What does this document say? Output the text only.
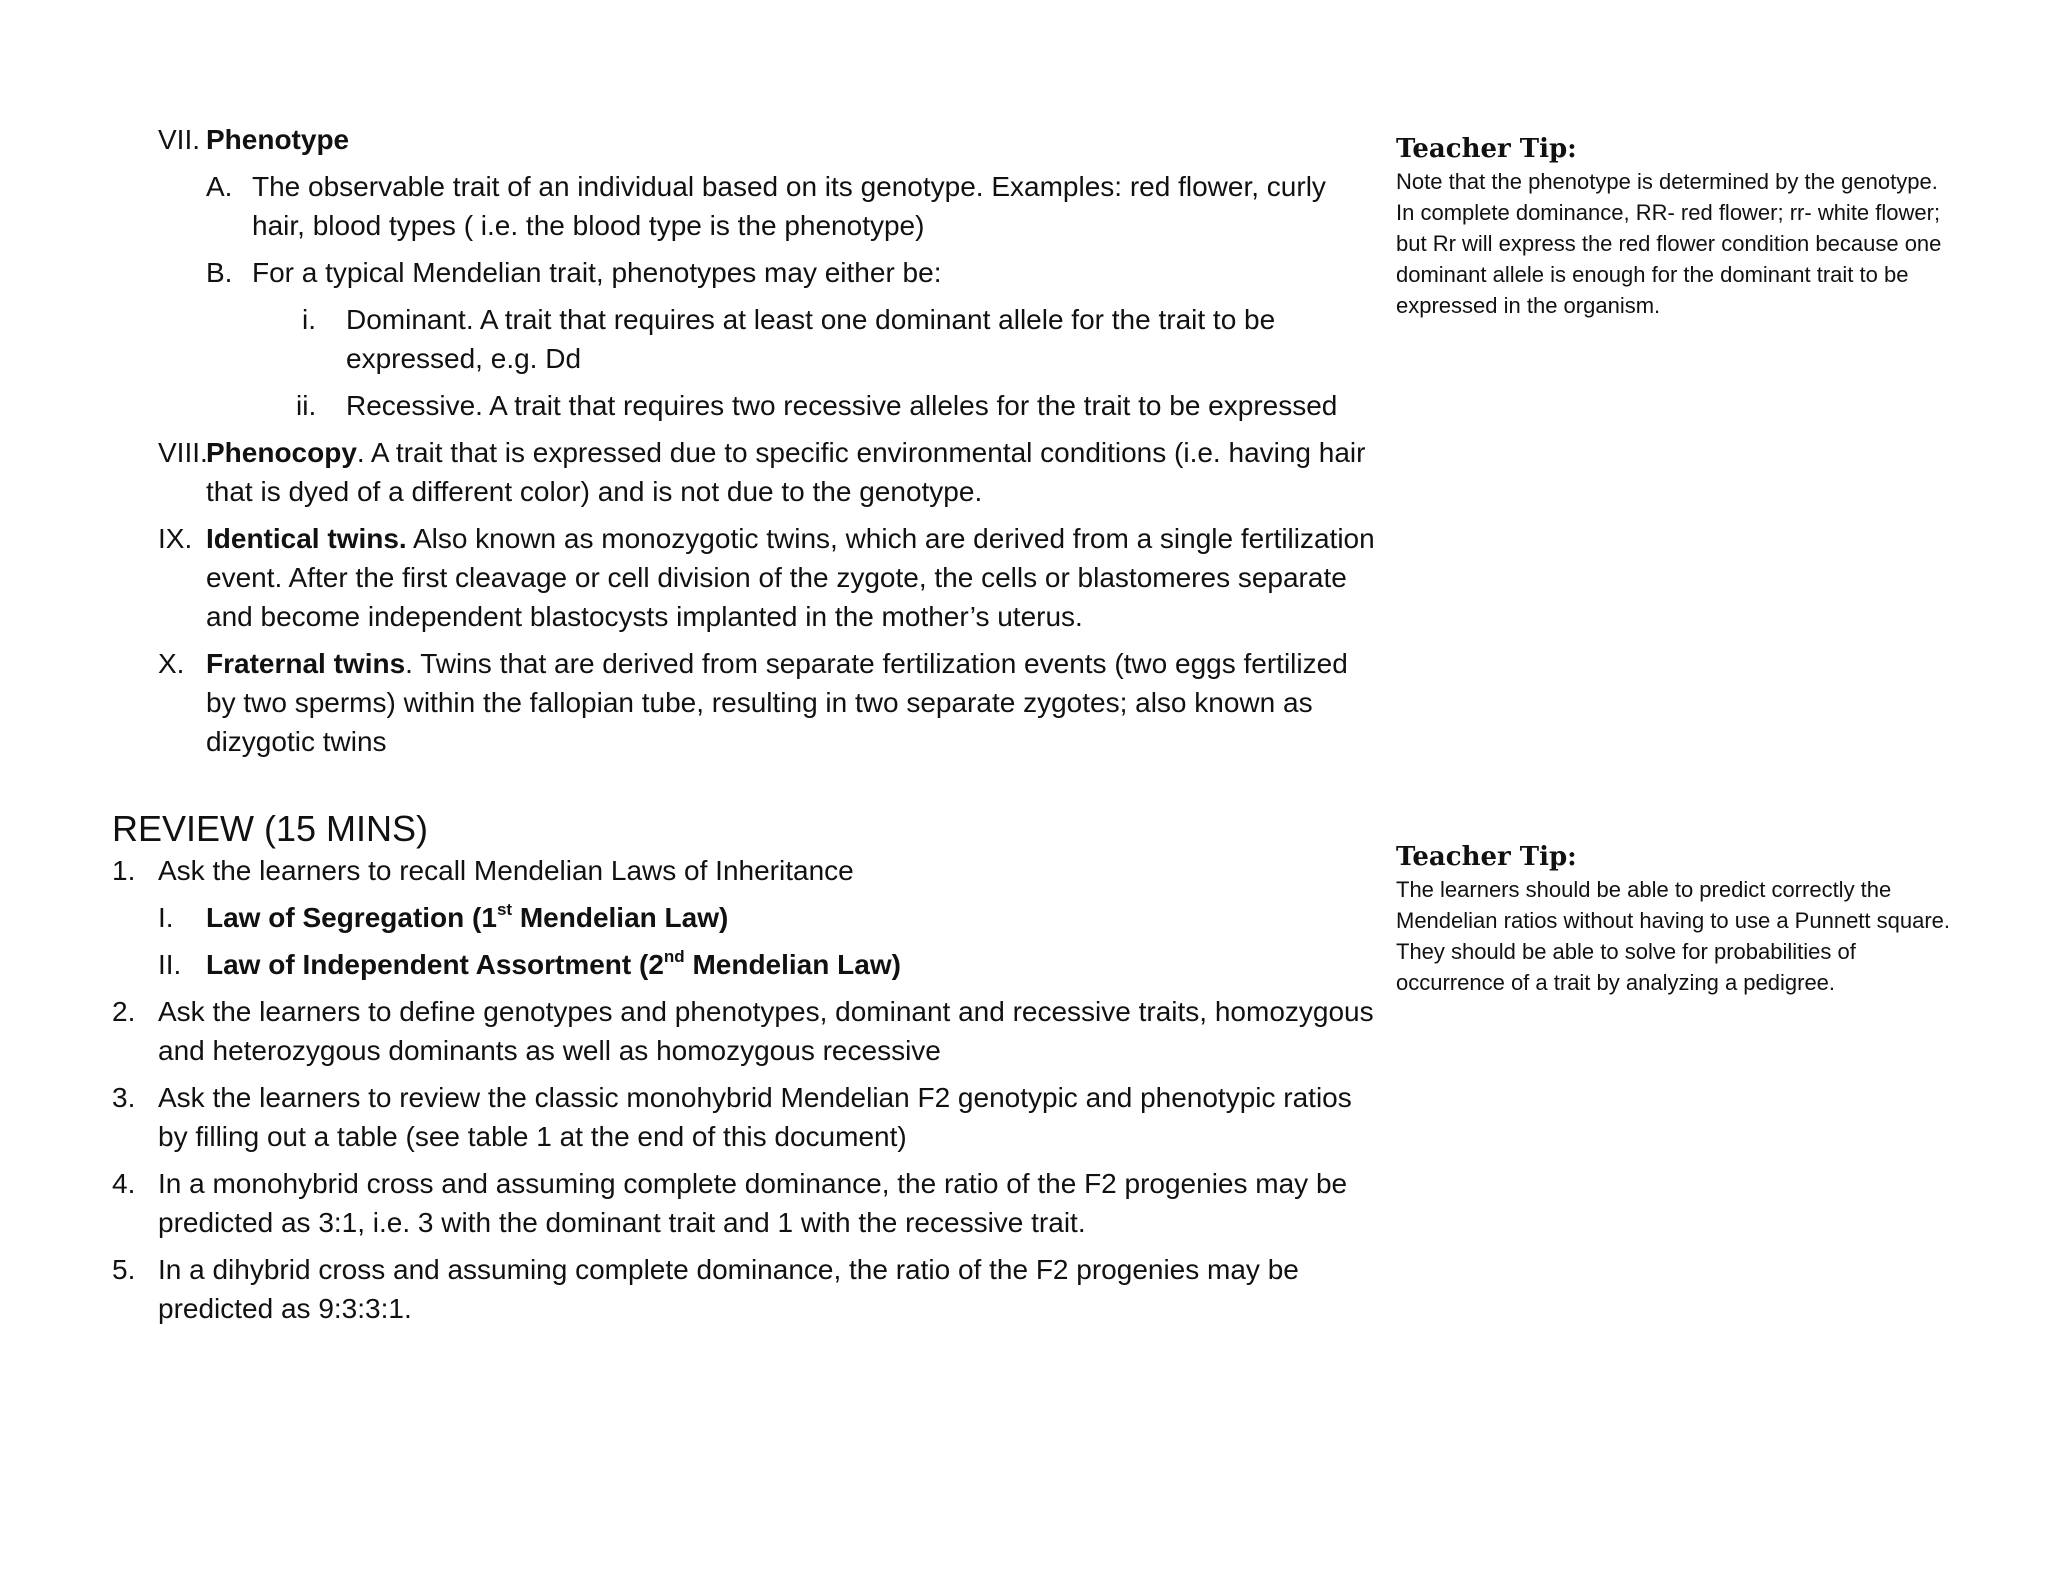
VII. Phenotype
A. The observable trait of an individual based on its genotype. Examples: red flower, curly hair, blood types ( i.e. the blood type is the phenotype)
B. For a typical Mendelian trait, phenotypes may either be:
i. Dominant. A trait that requires at least one dominant allele for the trait to be expressed, e.g. Dd
ii. Recessive. A trait that requires two recessive alleles for the trait to be expressed
VIII.
Phenocopy. A trait that is expressed due to specific environmental conditions (i.e. having hair that is dyed of a different color) and is not due to the genotype.
IX. Identical twins. Also known as monozygotic twins, which are derived from a single fertilization event. After the first cleavage or cell division of the zygote, the cells or blastomeres separate and become independent blastocysts implanted in the mother’s uterus.
X. Fraternal twins. Twins that are derived from separate fertilization events (two eggs fertilized by two sperms) within the fallopian tube, resulting in two separate zygotes; also known as dizygotic twins
REVIEW (15 MINS)
1. Ask the learners to recall Mendelian Laws of Inheritance
I. Law of Segregation (1st Mendelian Law)
II. Law of Independent Assortment (2nd Mendelian Law)
2. Ask the learners to define genotypes and phenotypes, dominant and recessive traits, homozygous and heterozygous dominants as well as homozygous recessive
3. Ask the learners to review the classic monohybrid Mendelian F2 genotypic and phenotypic ratios by filling out a table (see table 1 at the end of this document)
4. In a monohybrid cross and assuming complete dominance, the ratio of the F2 progenies may be predicted as 3:1, i.e. 3 with the dominant trait and 1 with the recessive trait.
5. In a dihybrid cross and assuming complete dominance, the ratio of the F2 progenies may be predicted as 9:3:3:1.

Teacher Tip:

Note that the phenotype is determined by the genotype. In complete dominance, RR- red flower; rr- white flower; but Rr will express the red flower condition because one dominant allele is enough for the dominant trait to be expressed in the organism.

Teacher Tip:

The learners should be able to predict correctly the Mendelian ratios without having to use a Punnett square. They should be able to solve for probabilities of occurrence of a trait by analyzing a pedigree.
